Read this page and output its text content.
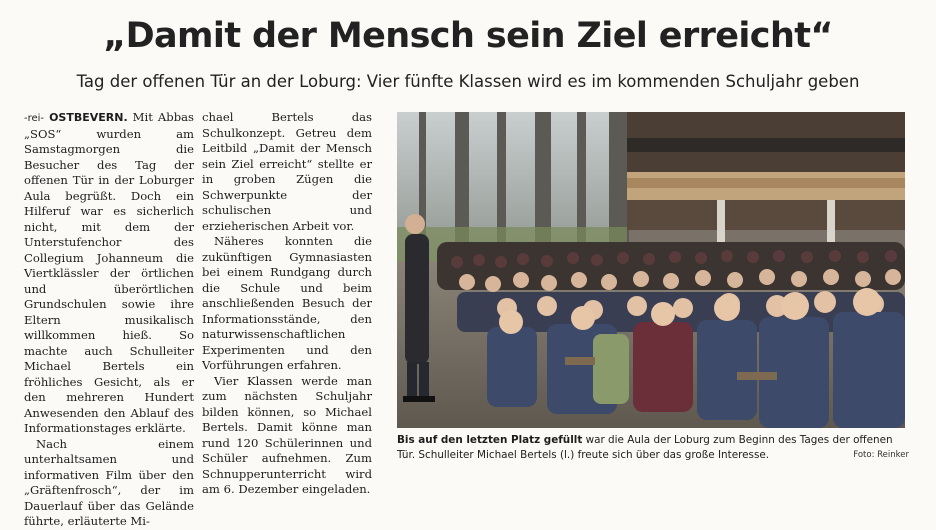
„Damit der Mensch sein Ziel erreicht“
Tag der offenen Tür an der Loburg: Vier fünfte Klassen wird es im kommenden Schuljahr geben

-rei- OSTBEVERN. Mit Abbas „SOS“ wurden am Samstagmorgen die Besucher des Tag der offenen Tür in der Loburger Aula begrüßt. Doch ein Hilferuf war es sicherlich nicht, mit dem der Unterstufenchor des Collegium Johanneum die Viertklässler der örtlichen und überörtlichen Grundschulen sowie ihre Eltern musikalisch willkommen hieß. So machte auch Schulleiter Michael Bertels ein fröhliches Gesicht, als er den mehreren Hundert Anwesenden den Ablauf des Informationstages erklärte.

Nach einem unterhaltsamen und informativen Film über den „Gräftenfrosch“, der im Dauerlauf über das Gelände führte, erläuterte Mi-

chael Bertels das Schulkonzept. Getreu dem Leitbild „Damit der Mensch sein Ziel erreicht“ stellte er in groben Zügen die Schwerpunkte der schulischen und erzieherischen Arbeit vor.

Näheres konnten die zukünftigen Gymnasiasten bei einem Rundgang durch die Schule und beim anschließenden Besuch der Informationsstände, den naturwissenschaftlichen Experimenten und den Vorführungen erfahren.

Vier Klassen werde man zum nächsten Schuljahr bilden können, so Michael Bertels. Damit könne man rund 120 Schülerinnen und Schüler aufnehmen. Zum Schnupperunterricht wird am 6. Dezember eingeladen.

Bis auf den letzten Platz gefüllt war die Aula der Loburg zum Beginn des Tages der offenen Tür. Schulleiter Michael Bertels (l.) freute sich über das große Interesse.	Foto: Reinker
